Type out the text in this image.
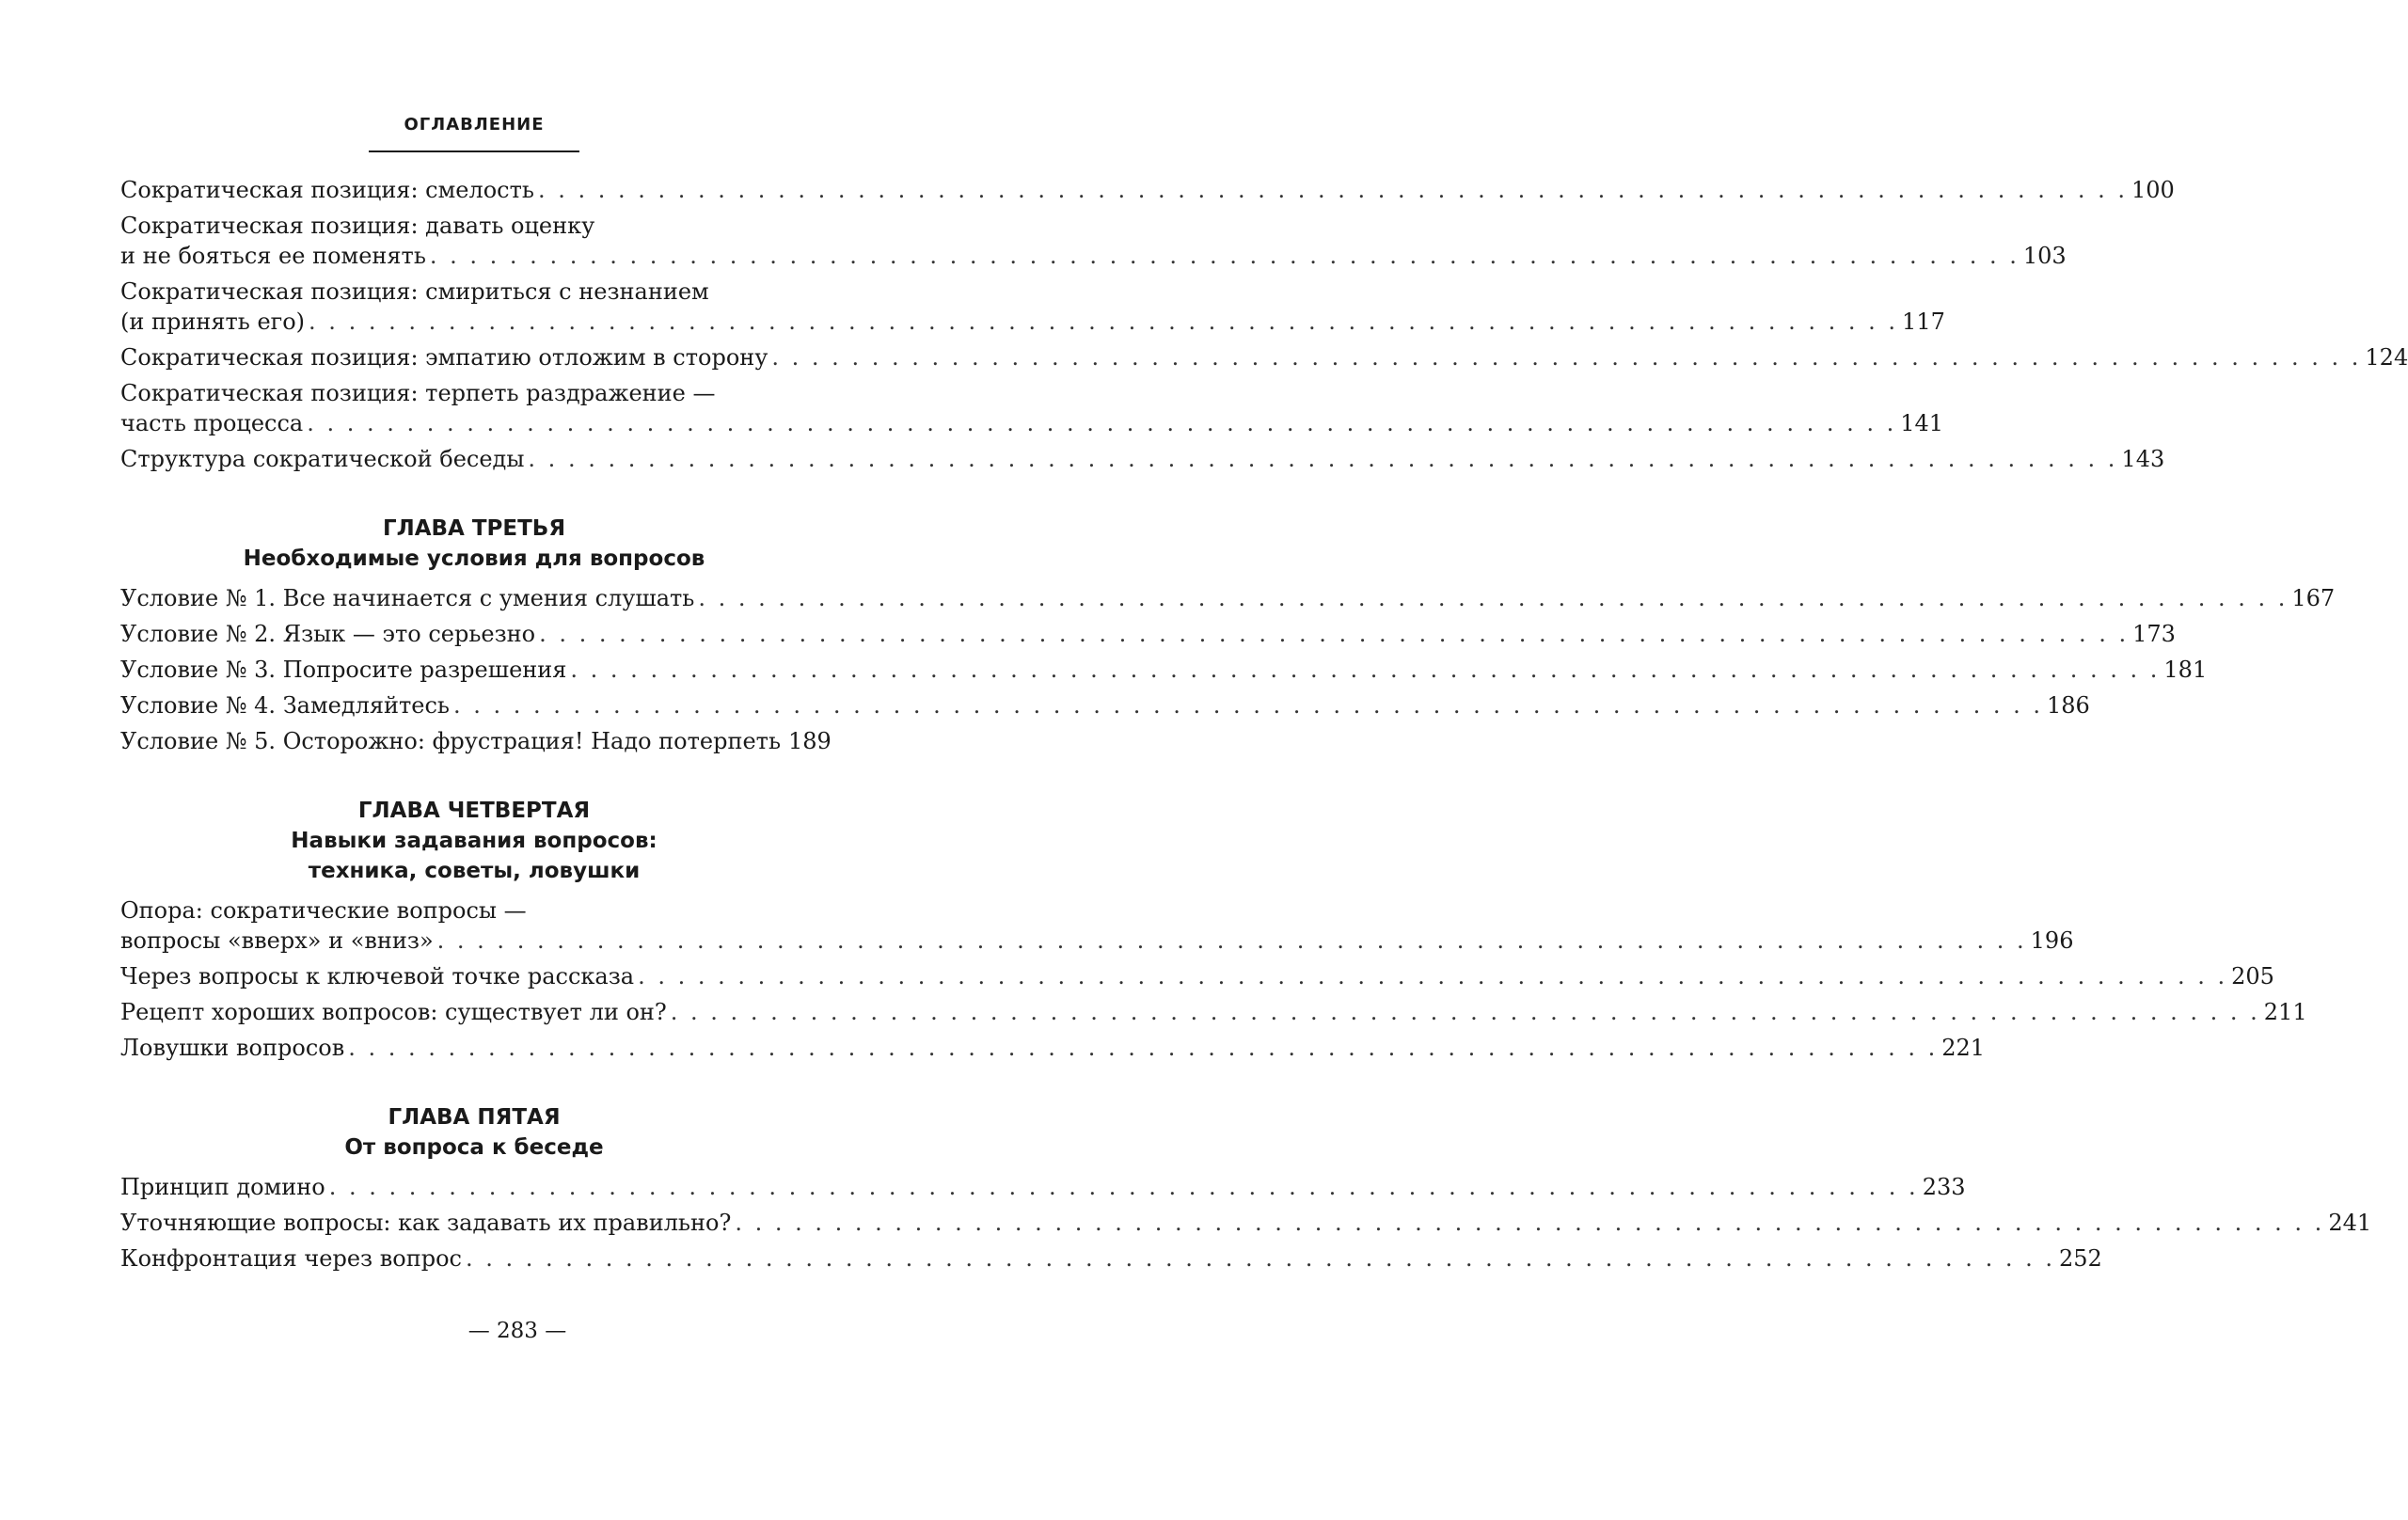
ОГЛАВЛЕНИЕ
Сократическая позиция: смелость . . . . . . . . . . . . . . . . . . . . . . . . . . . . . . . . . . . . . . . . . . . . . . . . . . . . . . . . . . . . . . . . . . . . . . . . . . . . . . . . 100
Сократическая позиция: давать оценку
и не бояться ее поменять . . . . . . . . . . . . . . . . . . . . . . . . . . . . . . . . . . . . . . . . . . . . . . . . . . . . . . . . . . . . . . . . . . . . . . . . . . . . . . . . 103
Сократическая позиция: смириться с незнанием
(и принять его) . . . . . . . . . . . . . . . . . . . . . . . . . . . . . . . . . . . . . . . . . . . . . . . . . . . . . . . . . . . . . . . . . . . . . . . . . . . . . . . . 117
Сократическая позиция: эмпатию отложим в сторону . . . . . . . . . . . . . . . . . . . . . . . . . . . . . . . . . . . . . . . . . . . . . . . . . . . . . . . . . . . . . . . . . . . . . . . . . . . . . . . . 124
Сократическая позиция: терпеть раздражение —
часть процесса . . . . . . . . . . . . . . . . . . . . . . . . . . . . . . . . . . . . . . . . . . . . . . . . . . . . . . . . . . . . . . . . . . . . . . . . . . . . . . . . 141
Структура сократической беседы . . . . . . . . . . . . . . . . . . . . . . . . . . . . . . . . . . . . . . . . . . . . . . . . . . . . . . . . . . . . . . . . . . . . . . . . . . . . . . . . 143
ГЛАВА ТРЕТЬЯ
Необходимые условия для вопросов
Условие № 1. Все начинается с умения слушать . . . . . . . . . . . . . . . . . . . . . . . . . . . . . . . . . . . . . . . . . . . . . . . . . . . . . . . . . . . . . . . . . . . . . . . . . . . . . . . . 167
Условие № 2. Язык — это серьезно . . . . . . . . . . . . . . . . . . . . . . . . . . . . . . . . . . . . . . . . . . . . . . . . . . . . . . . . . . . . . . . . . . . . . . . . . . . . . . . . 173
Условие № 3. Попросите разрешения . . . . . . . . . . . . . . . . . . . . . . . . . . . . . . . . . . . . . . . . . . . . . . . . . . . . . . . . . . . . . . . . . . . . . . . . . . . . . . . . 181
Условие № 4. Замедляйтесь . . . . . . . . . . . . . . . . . . . . . . . . . . . . . . . . . . . . . . . . . . . . . . . . . . . . . . . . . . . . . . . . . . . . . . . . . . . . . . . . 186
Условие № 5. Осторожно: фрустрация! Надо потерпеть 189
ГЛАВА ЧЕТВЕРТАЯ
Навыки задавания вопросов:
техника, советы, ловушки
Опора: сократические вопросы —
вопросы «вверх» и «вниз» . . . . . . . . . . . . . . . . . . . . . . . . . . . . . . . . . . . . . . . . . . . . . . . . . . . . . . . . . . . . . . . . . . . . . . . . . . . . . . . . 196
Через вопросы к ключевой точке рассказа . . . . . . . . . . . . . . . . . . . . . . . . . . . . . . . . . . . . . . . . . . . . . . . . . . . . . . . . . . . . . . . . . . . . . . . . . . . . . . . . 205
Рецепт хороших вопросов: существует ли он? . . . . . . . . . . . . . . . . . . . . . . . . . . . . . . . . . . . . . . . . . . . . . . . . . . . . . . . . . . . . . . . . . . . . . . . . . . . . . . . . 211
Ловушки вопросов . . . . . . . . . . . . . . . . . . . . . . . . . . . . . . . . . . . . . . . . . . . . . . . . . . . . . . . . . . . . . . . . . . . . . . . . . . . . . . . . 221
ГЛАВА ПЯТАЯ
От вопроса к беседе
Принцип домино . . . . . . . . . . . . . . . . . . . . . . . . . . . . . . . . . . . . . . . . . . . . . . . . . . . . . . . . . . . . . . . . . . . . . . . . . . . . . . . . 233
Уточняющие вопросы: как задавать их правильно? . . . . . . . . . . . . . . . . . . . . . . . . . . . . . . . . . . . . . . . . . . . . . . . . . . . . . . . . . . . . . . . . . . . . . . . . . . . . . . . . 241
Конфронтация через вопрос . . . . . . . . . . . . . . . . . . . . . . . . . . . . . . . . . . . . . . . . . . . . . . . . . . . . . . . . . . . . . . . . . . . . . . . . . . . . . . . . 252
— 283 —
